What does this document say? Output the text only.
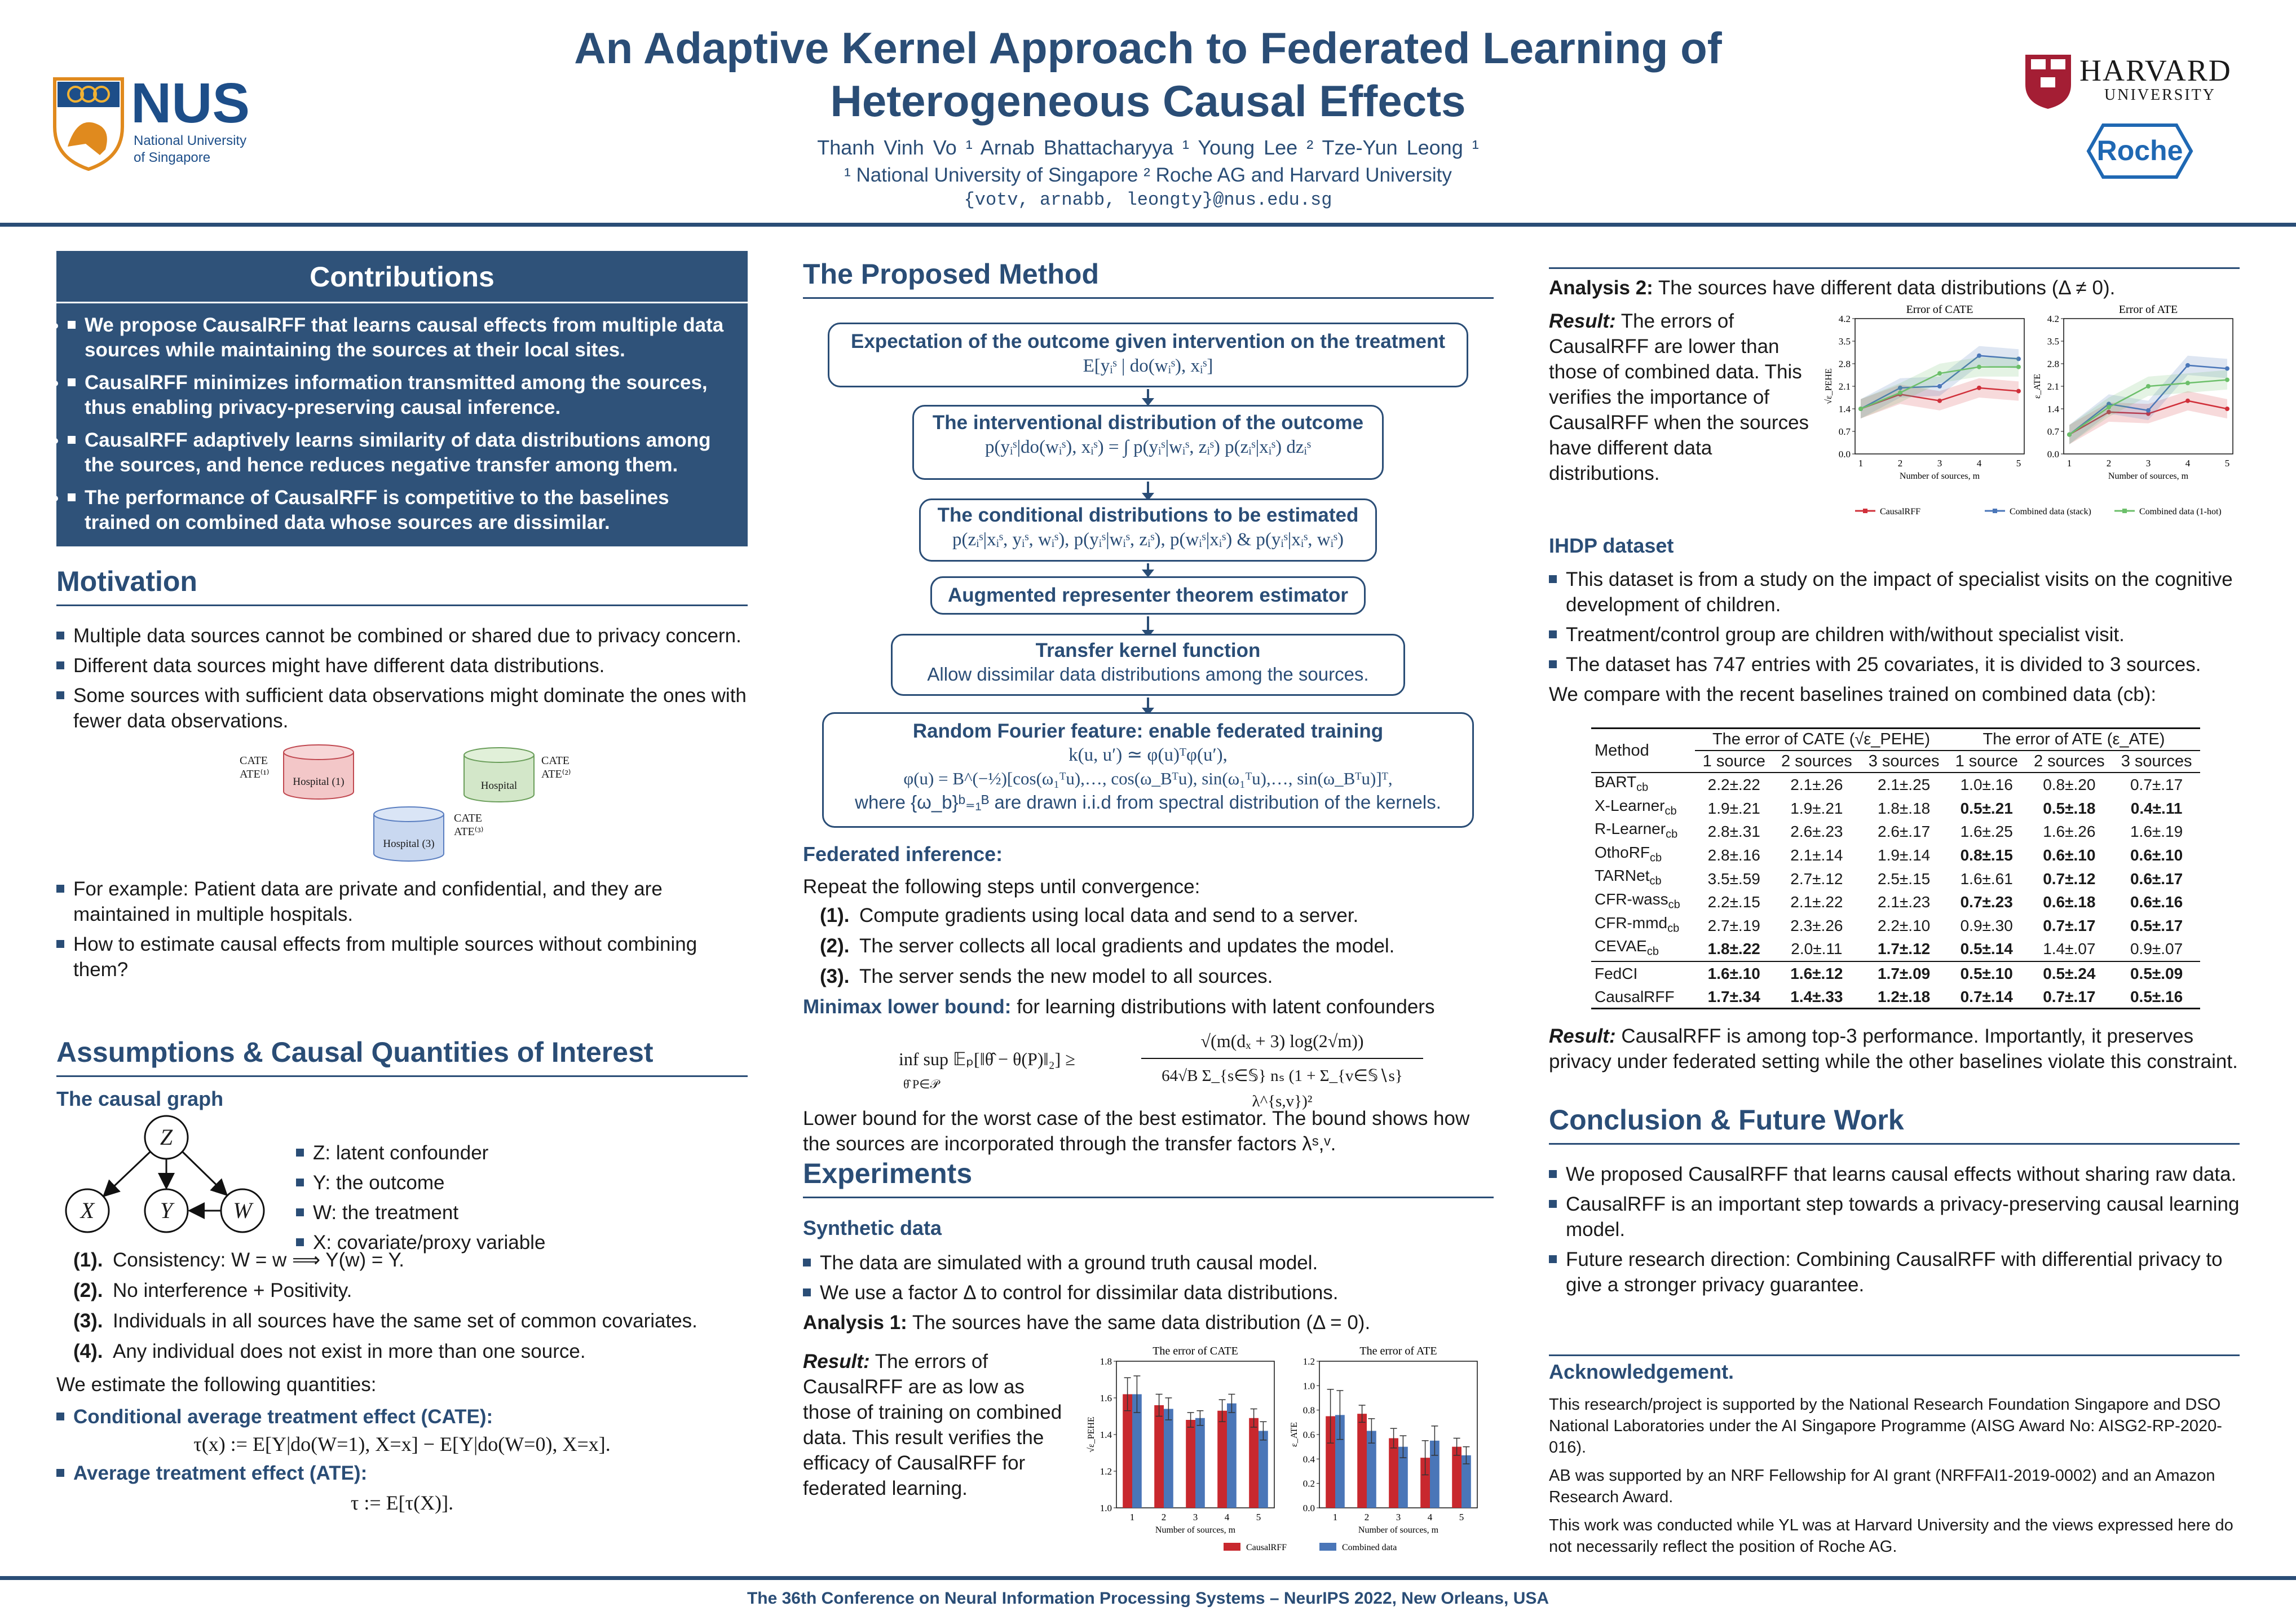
An Adaptive Kernel Approach to Federated Learning of
Heterogeneous Causal Effects
Thanh Vinh Vo ¹ Arnab Bhattacharyya ¹ Young Lee ² Tze-Yun Leong ¹
¹ National University of Singapore ² Roche AG and Harvard University
{votv, arnabb, leongty}@nus.edu.sg
NUS
National University
of Singapore
HARVARD
UNIVERSITY
Roche
Contributions
• We propose CausalRFF that learns causal effects from multiple data sources while maintaining the sources at their local sites.
• CausalRFF minimizes information transmitted among the sources, thus enabling privacy-preserving causal inference.
• CausalRFF adaptively learns similarity of data distributions among the sources, and hence reduces negative transfer among them.
• The performance of CausalRFF is competitive to the baselines trained on combined data whose sources are dissimilar.
Motivation
Multiple data sources cannot be combined or shared due to privacy concern.
Different data sources might have different data distributions.
Some sources with sufficient data observations might dominate the ones with fewer data observations.
CATE
ATE⁽¹⁾
Hospital (1)	Hospital
CATE
ATE⁽²⁾
Hospital (3)
CATE
ATE⁽³⁾
For example: Patient data are private and confidential, and they are maintained in multiple hospitals.
How to estimate causal effects from multiple sources without combining them?
Assumptions & Causal Quantities of Interest
The causal graph
Z
X	Y	W
Z: latent confounder
Y: the outcome
W: the treatment
X: covariate/proxy variable
(1). Consistency: W = w ⟹ Y(w) = Y.
(2). No interference + Positivity.
(3). Individuals in all sources have the same set of common covariates.
(4). Any individual does not exist in more than one source.
We estimate the following quantities:
Conditional average treatment effect (CATE):
τ(x) := E[Y|do(W=1), X=x] − E[Y|do(W=0), X=x].
Average treatment effect (ATE):
τ := E[τ(X)].
The Proposed Method
Expectation of the outcome given intervention on the treatment
E[yᵢˢ | do(wᵢˢ), xᵢˢ]
The interventional distribution of the outcome
p(yᵢˢ|do(wᵢˢ), xᵢˢ) = ∫ p(yᵢˢ|wᵢˢ, zᵢˢ) p(zᵢˢ|xᵢˢ) dzᵢˢ
The conditional distributions to be estimated
p(zᵢˢ|xᵢˢ, yᵢˢ, wᵢˢ), p(yᵢˢ|wᵢˢ, zᵢˢ), p(wᵢˢ|xᵢˢ) & p(yᵢˢ|xᵢˢ, wᵢˢ)
Augmented representer theorem estimator
Transfer kernel function
Allow dissimilar data distributions among the sources.
Random Fourier feature: enable federated training
k(u, u′) ≃ φ(u)ᵀφ(u′),
φ(u) = B^(−½)[cos(ω₁ᵀu),…, cos(ω_Bᵀu), sin(ω₁ᵀu),…, sin(ω_Bᵀu)]ᵀ,
where {ω_b}ᵇ₌₁ᴮ are drawn i.i.d from spectral distribution of the kernels.
Federated inference:
Repeat the following steps until convergence:
(1). Compute gradients using local data and send to a server.
(2). The server collects all local gradients and updates the model.
(3). The server sends the new model to all sources.
Minimax lower bound: for learning distributions with latent confounders
inf sup 𝔼ₚ[‖θ̂ − θ(P)‖₂] ≥
θ̂ P∈𝒫
√(m(dₓ + 3) log(2√m))
64√B Σ_{s∈𝕊} nₛ (1 + Σ_{v∈𝕊∖s} λ^{s,v})²
Lower bound for the worst case of the best estimator. The bound shows how the sources are incorporated through the transfer factors λˢ,ᵛ.
Experiments
Synthetic data
The data are simulated with a ground truth causal model.
We use a factor Δ to control for dissimilar data distributions.
Analysis 1: The sources have the same data distribution (Δ = 0).
Result: The errors of CausalRFF are as low as those of training on combined data. This result verifies the efficacy of CausalRFF for federated learning.
The error of CATE
1.0
1.2
1.4
1.6
1.8
1	2	3	4	5
Number of sources, m
√ε_PEHE
The error of ATE
0.0
0.2
0.4
0.6
0.8
1.0
1.2
1	2	3	4	5
Number of sources, m
ε_ATE
CausalRFF	Combined data
Analysis 2: The sources have different data distributions (Δ ≠ 0).
Result: The errors of CausalRFF are lower than those of combined data. This verifies the importance of CausalRFF when the sources have different data distributions.
Error of CATE
0.0
0.7
1.4
2.1
2.8
3.5
4.2
1	2	3	4	5
Number of sources, m
√ε_PEHE
Error of ATE
0.0
0.7
1.4
2.1
2.8
3.5
4.2
1	2	3	4	5
Number of sources, m
ε_ATE
CausalRFF	Combined data (stack)	Combined data (1-hot)
IHDP dataset
This dataset is from a study on the impact of specialist visits on the cognitive development of children.
Treatment/control group are children with/without specialist visit.
The dataset has 747 entries with 25 covariates, it is divided to 3 sources.
We compare with the recent baselines trained on combined data (cb):
Method	The error of CATE (√ε_PEHE)			The error of ATE (ε_ATE)		
	1 source	2 sources	3 sources	1 source	2 sources	3 sources
$BART_{cb}$	2.2±.22	2.1±.26	2.1±.25	1.0±.16	0.8±.20	0.7±.17
X-Learner$_{cb}$	1.9±.21	1.9±.21	1.8±.18	0.5±.21	0.5±.18	0.4±.11
R-Learner$_{cb}$	2.8±.31	2.6±.23	2.6±.17	1.6±.25	1.6±.26	1.6±.19
OthoRF$_{cb}$	2.8±.16	2.1±.14	1.9±.14	0.8±.15	0.6±.10	0.6±.10
TARNet$_{cb}$	3.5±.59	2.7±.12	2.5±.15	1.6±.61	0.7±.12	0.6±.17
CFR-wass$_{cb}$	2.2±.15	2.1±.22	2.1±.23	0.7±.23	0.6±.18	0.6±.16
CFR-mmd$_{cb}$	2.7±.19	2.3±.26	2.2±.10	0.9±.30	0.7±.17	0.5±.17
$CEVAE_{cb}$	1.8±.22	2.0±.11	1.7±.12	0.5±.14	1.4±.07	0.9±.07
FedCI	1.6±.10	1.6±.12	1.7±.09	0.5±.10	0.5±.24	0.5±.09
CausalRFF	1.7±.34	1.4±.33	1.2±.18	0.7±.14	0.7±.17	0.5±.16
Result: CausalRFF is among top-3 performance. Importantly, it preserves privacy under federated setting while the other baselines violate this constraint.
Conclusion & Future Work
We proposed CausalRFF that learns causal effects without sharing raw data.
CausalRFF is an important step towards a privacy-preserving causal learning model.
Future research direction: Combining CausalRFF with differential privacy to give a stronger privacy guarantee.
Acknowledgement.
This research/project is supported by the National Research Foundation Singapore and DSO National Laboratories under the AI Singapore Programme (AISG Award No: AISG2-RP-2020-016).
AB was supported by an NRF Fellowship for AI grant (NRFFAI1-2019-0002) and an Amazon Research Award.
This work was conducted while YL was at Harvard University and the views expressed here do not necessarily reflect the position of Roche AG.
The 36th Conference on Neural Information Processing Systems – NeurIPS 2022, New Orleans, USA
